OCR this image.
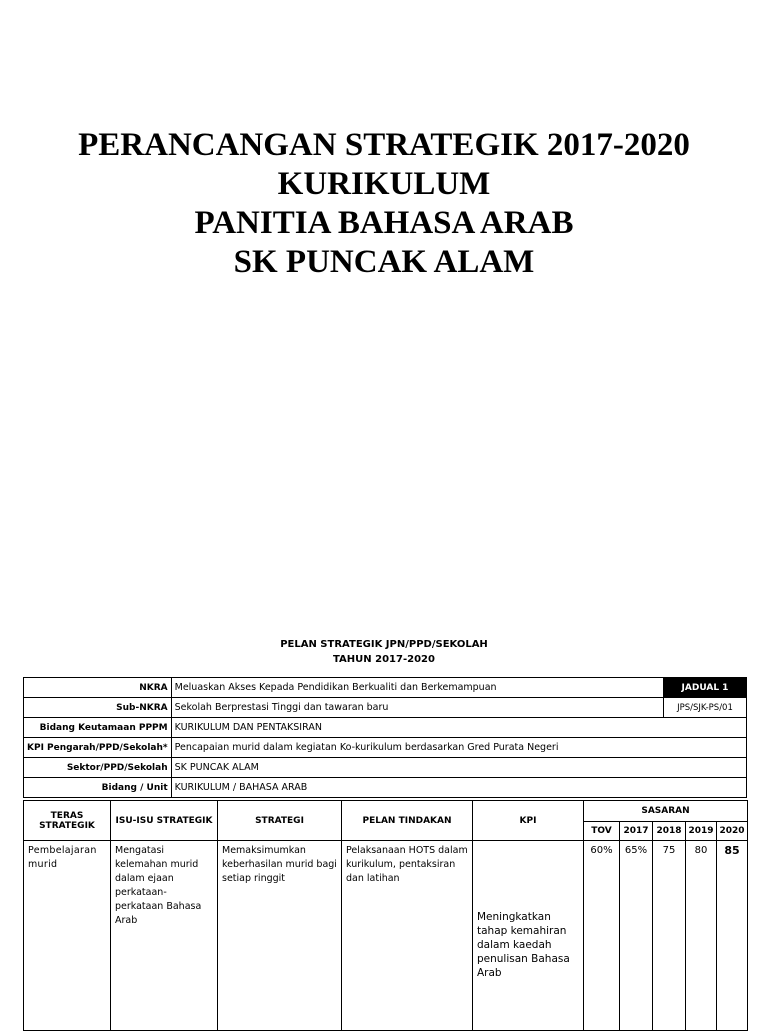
PERANCANGAN STRATEGIK 2017-2020
KURIKULUM
PANITIA BAHASA ARAB
SK PUNCAK ALAM
PELAN STRATEGIK JPN/PPD/SEKOLAH
TAHUN 2017-2020
NKRA	Meluaskan Akses Kepada Pendidikan Berkualiti dan Berkemampuan	JADUAL 1
Sub-NKRA	Sekolah Berprestasi Tinggi dan tawaran baru	JPS/SJK-PS/01
Bidang Keutamaan PPPM	KURIKULUM DAN PENTAKSIRAN	
KPI Pengarah/PPD/Sekolah*	Pencapaian murid dalam kegiatan Ko-kurikulum berdasarkan Gred Purata Negeri	
Sektor/PPD/Sekolah	SK PUNCAK ALAM	
Bidang / Unit	KURIKULUM / BAHASA ARAB	
TERAS STRATEGIK	ISU-ISU STRATEGIK	STRATEGI	PELAN TINDAKAN	KPI	SASARAN				
					TOV	2017	2018	2019	2020
Pembelajaran murid	Mengatasi kelemahan murid dalam ejaan perkataan-perkataan Bahasa Arab	Memaksimumkan keberhasilan murid bagi setiap ringgit	Pelaksanaan HOTS dalam kurikulum, pentaksiran dan latihan	Meningkatkan tahap kemahiran dalam kaedah penulisan Bahasa Arab	60%	65%	75	80	85
